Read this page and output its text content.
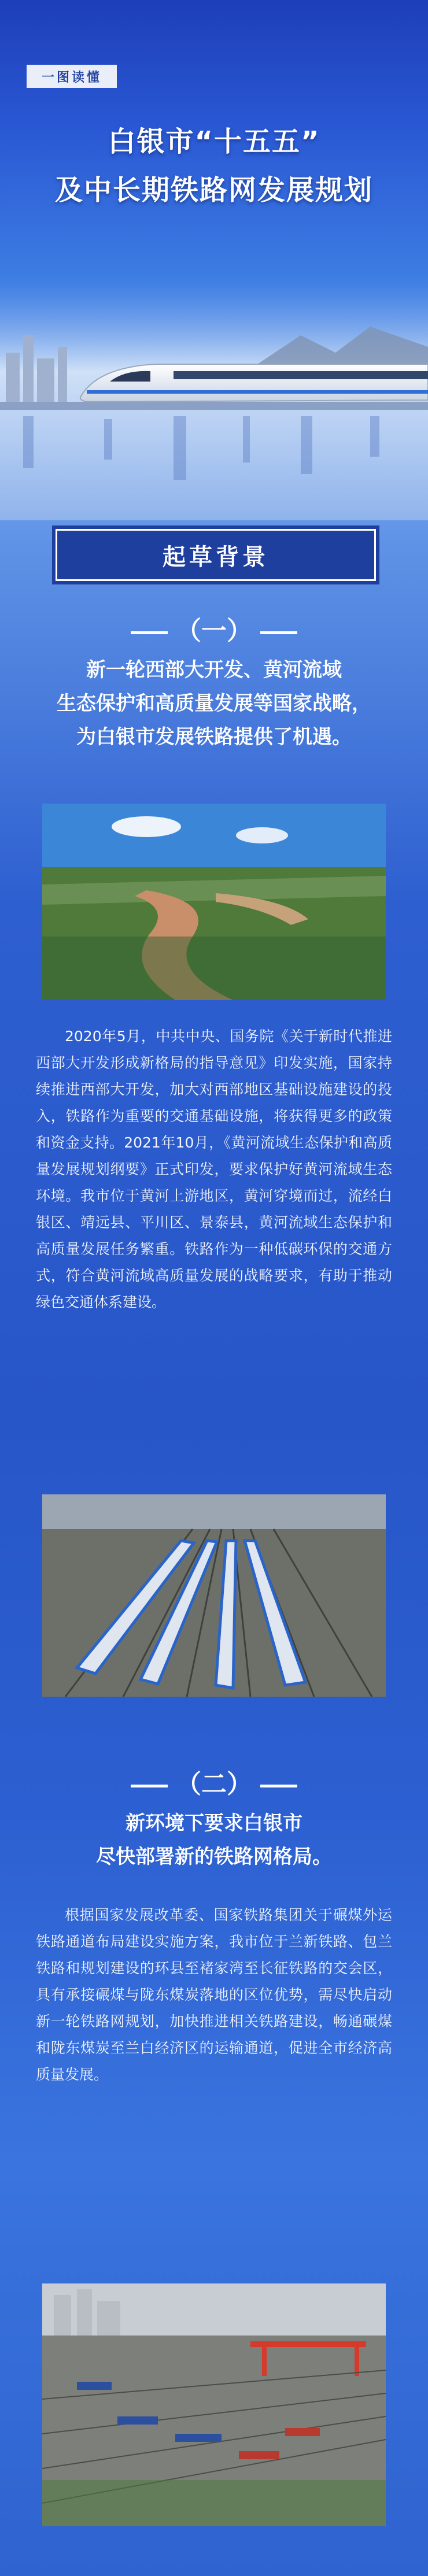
一图读懂
白银市“十五五”
及中长期铁路网发展规划
起草背景
（一）
新一轮西部大开发、黄河流域
生态保护和高质量发展等国家战略，
为白银市发展铁路提供了机遇。
2020年5月，中共中央、国务院《关于新时代推进西部大开发形成新格局的指导意见》印发实施，国家持续推进西部大开发，加大对西部地区基础设施建设的投入，铁路作为重要的交通基础设施，将获得更多的政策和资金支持。2021年10月，《黄河流域生态保护和高质量发展规划纲要》正式印发，要求保护好黄河流域生态环境。我市位于黄河上游地区，黄河穿境而过，流经白银区、靖远县、平川区、景泰县，黄河流域生态保护和高质量发展任务繁重。铁路作为一种低碳环保的交通方式，符合黄河流域高质量发展的战略要求，有助于推动绿色交通体系建设。
（二）
新环境下要求白银市
尽快部署新的铁路网格局。
根据国家发展改革委、国家铁路集团关于碾煤外运铁路通道布局建设实施方案，我市位于兰新铁路、包兰铁路和规划建设的环县至褚家湾至长征铁路的交会区，具有承接碾煤与陇东煤炭落地的区位优势，需尽快启动新一轮铁路网规划，加快推进相关铁路建设，畅通碾煤和陇东煤炭至兰白经济区的运输通道，促进全市经济高质量发展。
